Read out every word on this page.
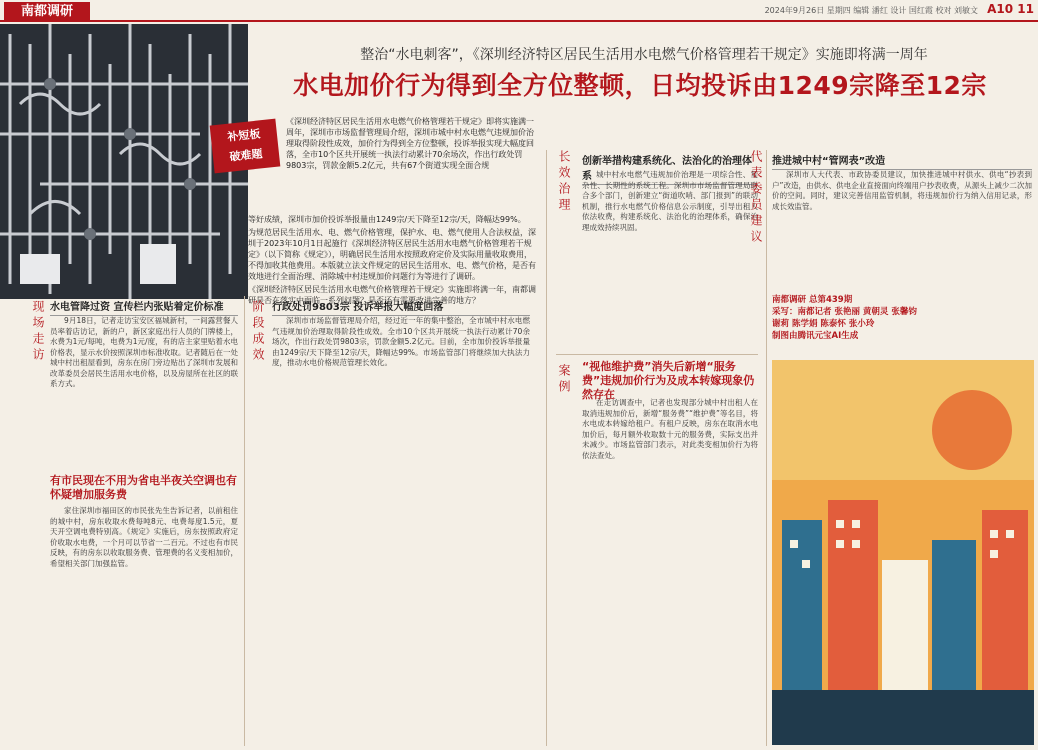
南都调研	2024年9月26日 星期四 编辑 潘红 设计 国红霞 校对 刘敏文 A10 11
整治“水电刺客”，《深圳经济特区居民生活用水电燃气价格管理若干规定》实施即将满一周年
水电加价行为得到全方位整顿，日均投诉由1249宗降至12宗
补短板
破难题

《深圳经济特区居民生活用水电燃气价格管理若干规定》即将实施满一周年，深圳市市场监督管理局介绍，深圳市城中村水电燃气违规加价治理取得阶段性成效，加价行为得到全方位整顿，投诉举报实现大幅度回落，全市10个区共开展统一执法行动累计70余场次，作出行政处罚9803宗，罚款金额5.2亿元，共有67个街道实现全面合规

等好成绩，深圳市加价投诉举报量由1249宗/天下降至12宗/天，降幅达99%。

为规范居民生活用水、电、燃气价格管理，保护水、电、燃气使用人合法权益，深圳于2023年10月1日起施行《深圳经济特区居民生活用水电燃气价格管理若干规定》（以下简称《规定》），明确居民生活用水按照政府定价及实际用量收取费用，不得加收其他费用。本版就立法文件规定的居民生活用水、电、燃气价格，是否有效地进行全面治理、消除城中村违规加价问题行为等进行了调研。

《深圳经济特区居民生活用水电燃气价格管理若干规定》实施即将满一年，南都调研是否在落实中面临一系列问题？是否还有需要改进完善的地方？

现场走访 水电管降过资 宣传栏内张贴着定价标准

9月18日，记者走访宝安区福城新村，一间露营餐人员率着店访记，新的户，新区家庭出行人员的门牌楼上，水费为1元/每吨，电费为1元/度，有的店主家里贴着水电价格表，显示水价按照深圳市标准收取。记者随后在一处城中村出租屋看到，房东在房门旁边贴出了深圳市发展和改革委员会居民生活用水电价格，以及房屋所在社区的联系方式。

有市民现在不用为省电半夜关空调也有怀疑增加服务费

家住深圳市福田区的市民张先生告诉记者，以前租住的城中村，房东收取水费每吨8元、电费每度1.5元，夏天开空调电费特别高。《规定》实施后，房东按照政府定价收取水电费，一个月可以节省一二百元。不过也有市民反映，有的房东以收取服务费、管理费的名义变相加价，希望相关部门加强监管。

阶段成效 行政处罚9803宗 投诉举报大幅度回落

深圳市市场监督管理局介绍，经过近一年的集中整治，全市城中村水电燃气违规加价治理取得阶段性成效。全市10个区共开展统一执法行动累计70余场次，作出行政处罚9803宗，罚款金额5.2亿元。目前，全市加价投诉举报量由1249宗/天下降至12宗/天，降幅达99%。市场监管部门将继续加大执法力度，推动水电价格规范管理长效化。

长效治理 创新举措构建系统化、法治化的治理体系 城中村水电燃气违规加价治理是一项综合性、复杂性、长期性的系统工程。深圳市市场监督管理局联合多个部门，创新建立“街道吹哨、部门报到”的联动机制，推行水电燃气价格信息公示制度，引导出租人依法收费，构建系统化、法治化的治理体系，确保治理成效持续巩固。

案例 “视他维护费”消失后新增“服务费”违规加价行为及成本转嫁现象仍然存在

在走访调查中，记者也发现部分城中村出租人在取消违规加价后，新增“服务费”“维护费”等名目，将水电成本转嫁给租户。有租户反映，房东在取消水电加价后，每月额外收取数十元的服务费，实际支出并未减少。市场监管部门表示，对此类变相加价行为将依法查处。

代表委员建议 推进城中村“管网表”改造

深圳市人大代表、市政协委员建议，加快推进城中村供水、供电“抄表到户”改造，由供水、供电企业直接面向终端用户抄表收费，从源头上减少二次加价的空间。同时，建议完善信用监管机制，将违规加价行为纳入信用记录，形成长效监管。

南都调研 总第439期
采写：南都记者 张艳丽 黄朝灵 张馨钧
谢莉 陈学娟 陈泰怀 张小玲
制图由腾讯元宝AI生成
